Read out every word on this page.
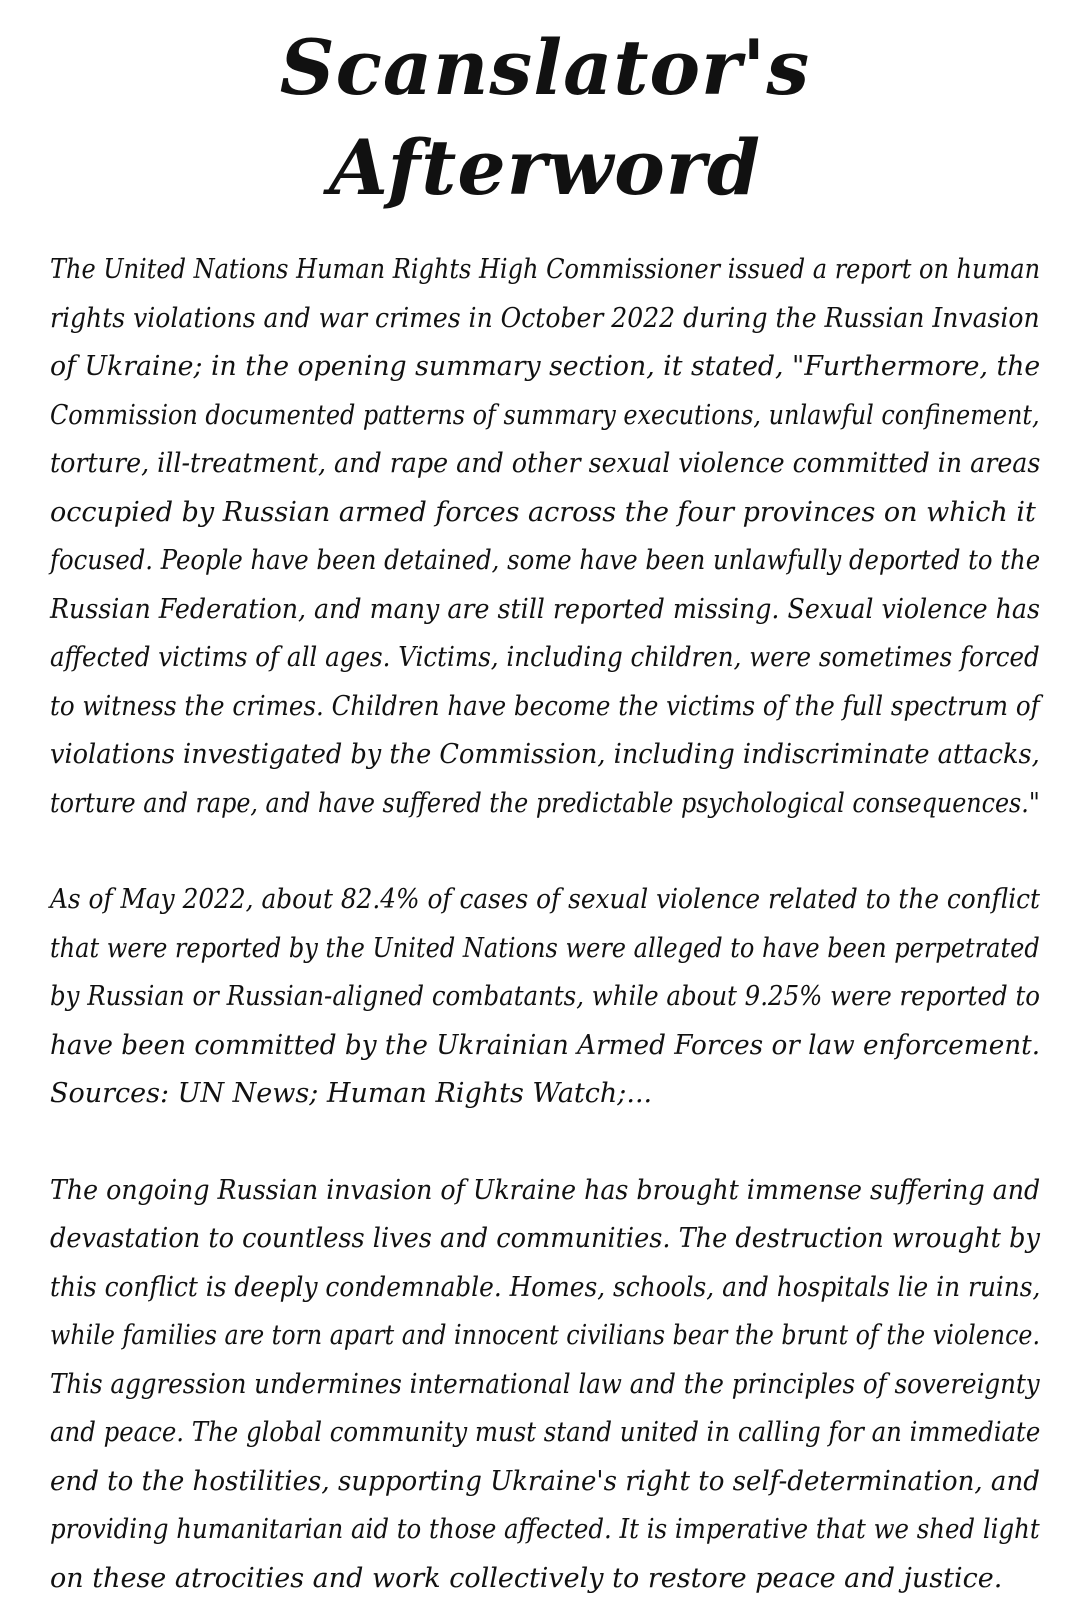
Scanslator's Afterword
The United Nations Human Rights High Commissioner issued a report on human
rights violations and war crimes in October 2022 during the Russian Invasion
of Ukraine; in the opening summary section, it stated, "Furthermore, the
Commission documented patterns of summary executions, unlawful confinement,
torture, ill-treatment, and rape and other sexual violence committed in areas
occupied by Russian armed forces across the four provinces on which it
focused. People have been detained, some have been unlawfully deported to the
Russian Federation, and many are still reported missing. Sexual violence has
affected victims of all ages. Victims, including children, were sometimes forced
to witness the crimes. Children have become the victims of the full spectrum of
violations investigated by the Commission, including indiscriminate attacks,
torture and rape, and have suffered the predictable psychological consequences."
As of May 2022, about 82.4% of cases of sexual violence related to the conflict
that were reported by the United Nations were alleged to have been perpetrated
by Russian or Russian-aligned combatants, while about 9.25% were reported to
have been committed by the Ukrainian Armed Forces or law enforcement.
Sources: UN News; Human Rights Watch;...
The ongoing Russian invasion of Ukraine has brought immense suffering and
devastation to countless lives and communities. The destruction wrought by
this conflict is deeply condemnable. Homes, schools, and hospitals lie in ruins,
while families are torn apart and innocent civilians bear the brunt of the violence.
This aggression undermines international law and the principles of sovereignty
and peace. The global community must stand united in calling for an immediate
end to the hostilities, supporting Ukraine's right to self-determination, and
providing humanitarian aid to those affected. It is imperative that we shed light
on these atrocities and work collectively to restore peace and justice.
